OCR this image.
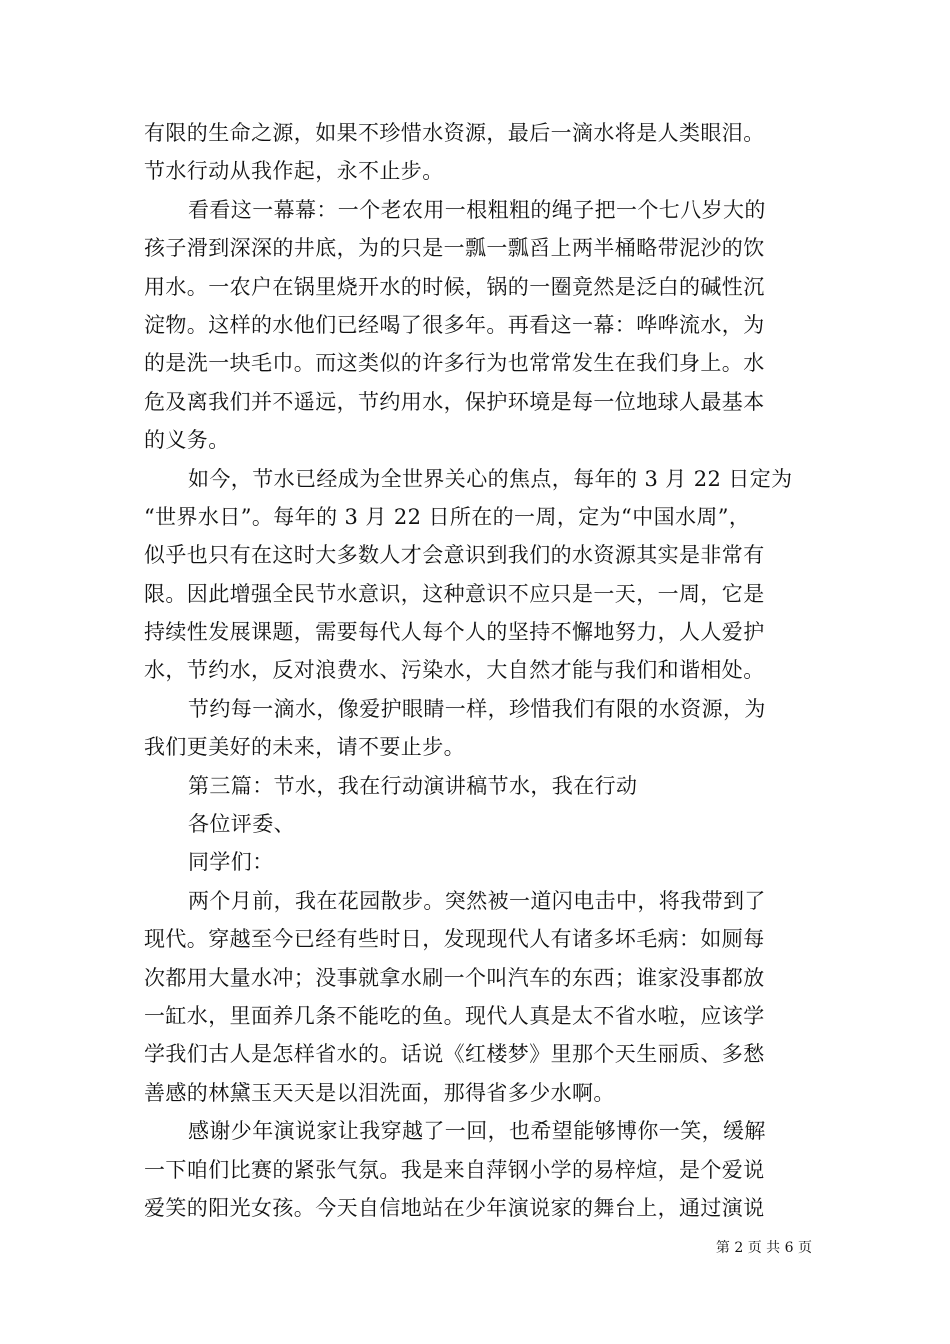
有限的生命之源，如果不珍惜水资源，最后一滴水将是人类眼泪。
节水行动从我作起，永不止步。
看看这一幕幕：一个老农用一根粗粗的绳子把一个七八岁大的
孩子滑到深深的井底，为的只是一瓢一瓢舀上两半桶略带泥沙的饮
用水。一农户在锅里烧开水的时候，锅的一圈竟然是泛白的碱性沉
淀物。这样的水他们已经喝了很多年。再看这一幕：哗哗流水，为
的是洗一块毛巾。而这类似的许多行为也常常发生在我们身上。水
危及离我们并不遥远，节约用水，保护环境是每一位地球人最基本
的义务。
如今，节水已经成为全世界关心的焦点，每年的 3 月 22 日定为
“世界水日”。每年的 3 月 22 日所在的一周，定为“中国水周”，
似乎也只有在这时大多数人才会意识到我们的水资源其实是非常有
限。因此增强全民节水意识，这种意识不应只是一天，一周，它是
持续性发展课题，需要每代人每个人的坚持不懈地努力，人人爱护
水，节约水，反对浪费水、污染水，大自然才能与我们和谐相处。
节约每一滴水，像爱护眼睛一样，珍惜我们有限的水资源，为
我们更美好的未来，请不要止步。
第三篇：节水，我在行动演讲稿节水，我在行动
各位评委、
同学们：
两个月前，我在花园散步。突然被一道闪电击中，将我带到了
现代。穿越至今已经有些时日，发现现代人有诸多坏毛病：如厕每
次都用大量水冲；没事就拿水刷一个叫汽车的东西；谁家没事都放
一缸水，里面养几条不能吃的鱼。现代人真是太不省水啦，应该学
学我们古人是怎样省水的。话说《红楼梦》里那个天生丽质、多愁
善感的林黛玉天天是以泪洗面，那得省多少水啊。
感谢少年演说家让我穿越了一回，也希望能够博你一笑，缓解
一下咱们比赛的紧张气氛。我是来自萍钢小学的易梓煊，是个爱说
爱笑的阳光女孩。今天自信地站在少年演说家的舞台上，通过演说
第 2 页 共 6 页
